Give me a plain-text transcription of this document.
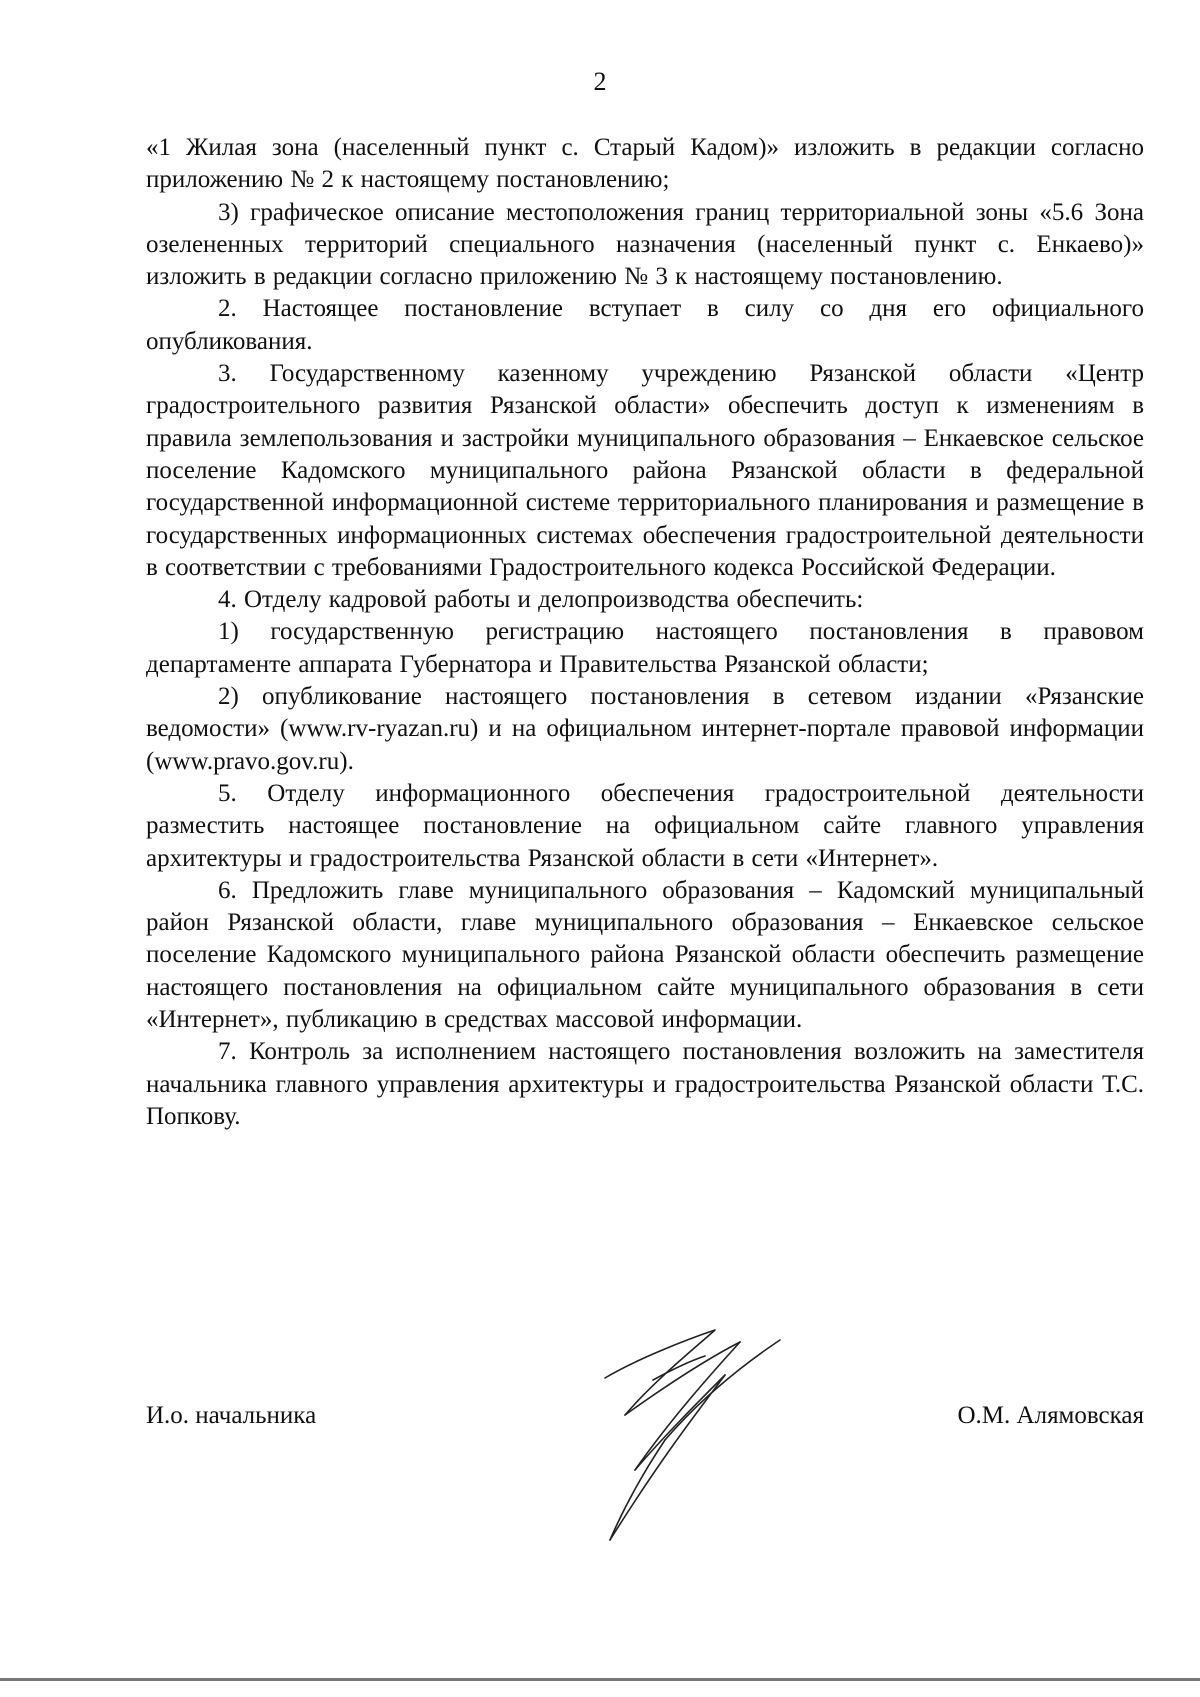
2

«1 Жилая зона (населенный пункт с. Старый Кадом)» изложить в редакции согласно приложению № 2 к настоящему постановлению;

3) графическое описание местоположения границ территориальной зоны «5.6 Зона озелененных территорий специального назначения (населенный пункт с. Енкаево)» изложить в редакции согласно приложению № 3 к настоящему постановлению.

2. Настоящее постановление вступает в силу со дня его официального опубликования.

3. Государственному казенному учреждению Рязанской области «Центр градостроительного развития Рязанской области» обеспечить доступ к изменениям в правила землепользования и застройки муниципального образования – Енкаевское сельское поселение Кадомского муниципального района Рязанской области в федеральной государственной информационной системе территориального планирования и размещение в государственных информационных системах обеспечения градостроительной деятельности в соответствии с требованиями Градостроительного кодекса Российской Федерации.

4. Отделу кадровой работы и делопроизводства обеспечить:

1) государственную регистрацию настоящего постановления в правовом департаменте аппарата Губернатора и Правительства Рязанской области;

2) опубликование настоящего постановления в сетевом издании «Рязанские ведомости» (www.rv-ryazan.ru) и на официальном интернет-портале правовой информации (www.pravo.gov.ru).

5. Отделу информационного обеспечения градостроительной деятельности разместить настоящее постановление на официальном сайте главного управления архитектуры и градостроительства Рязанской области в сети «Интернет».

6. Предложить главе муниципального образования – Кадомский муниципальный район Рязанской области, главе муниципального образования – Енкаевское сельское поселение Кадомского муниципального района Рязанской области обеспечить размещение настоящего постановления на официальном сайте муниципального образования в сети «Интернет», публикацию в средствах массовой информации.

7. Контроль за исполнением настоящего постановления возложить на заместителя начальника главного управления архитектуры и градостроительства Рязанской области Т.С. Попкову.

И.о. начальника	О.М. Алямовская
